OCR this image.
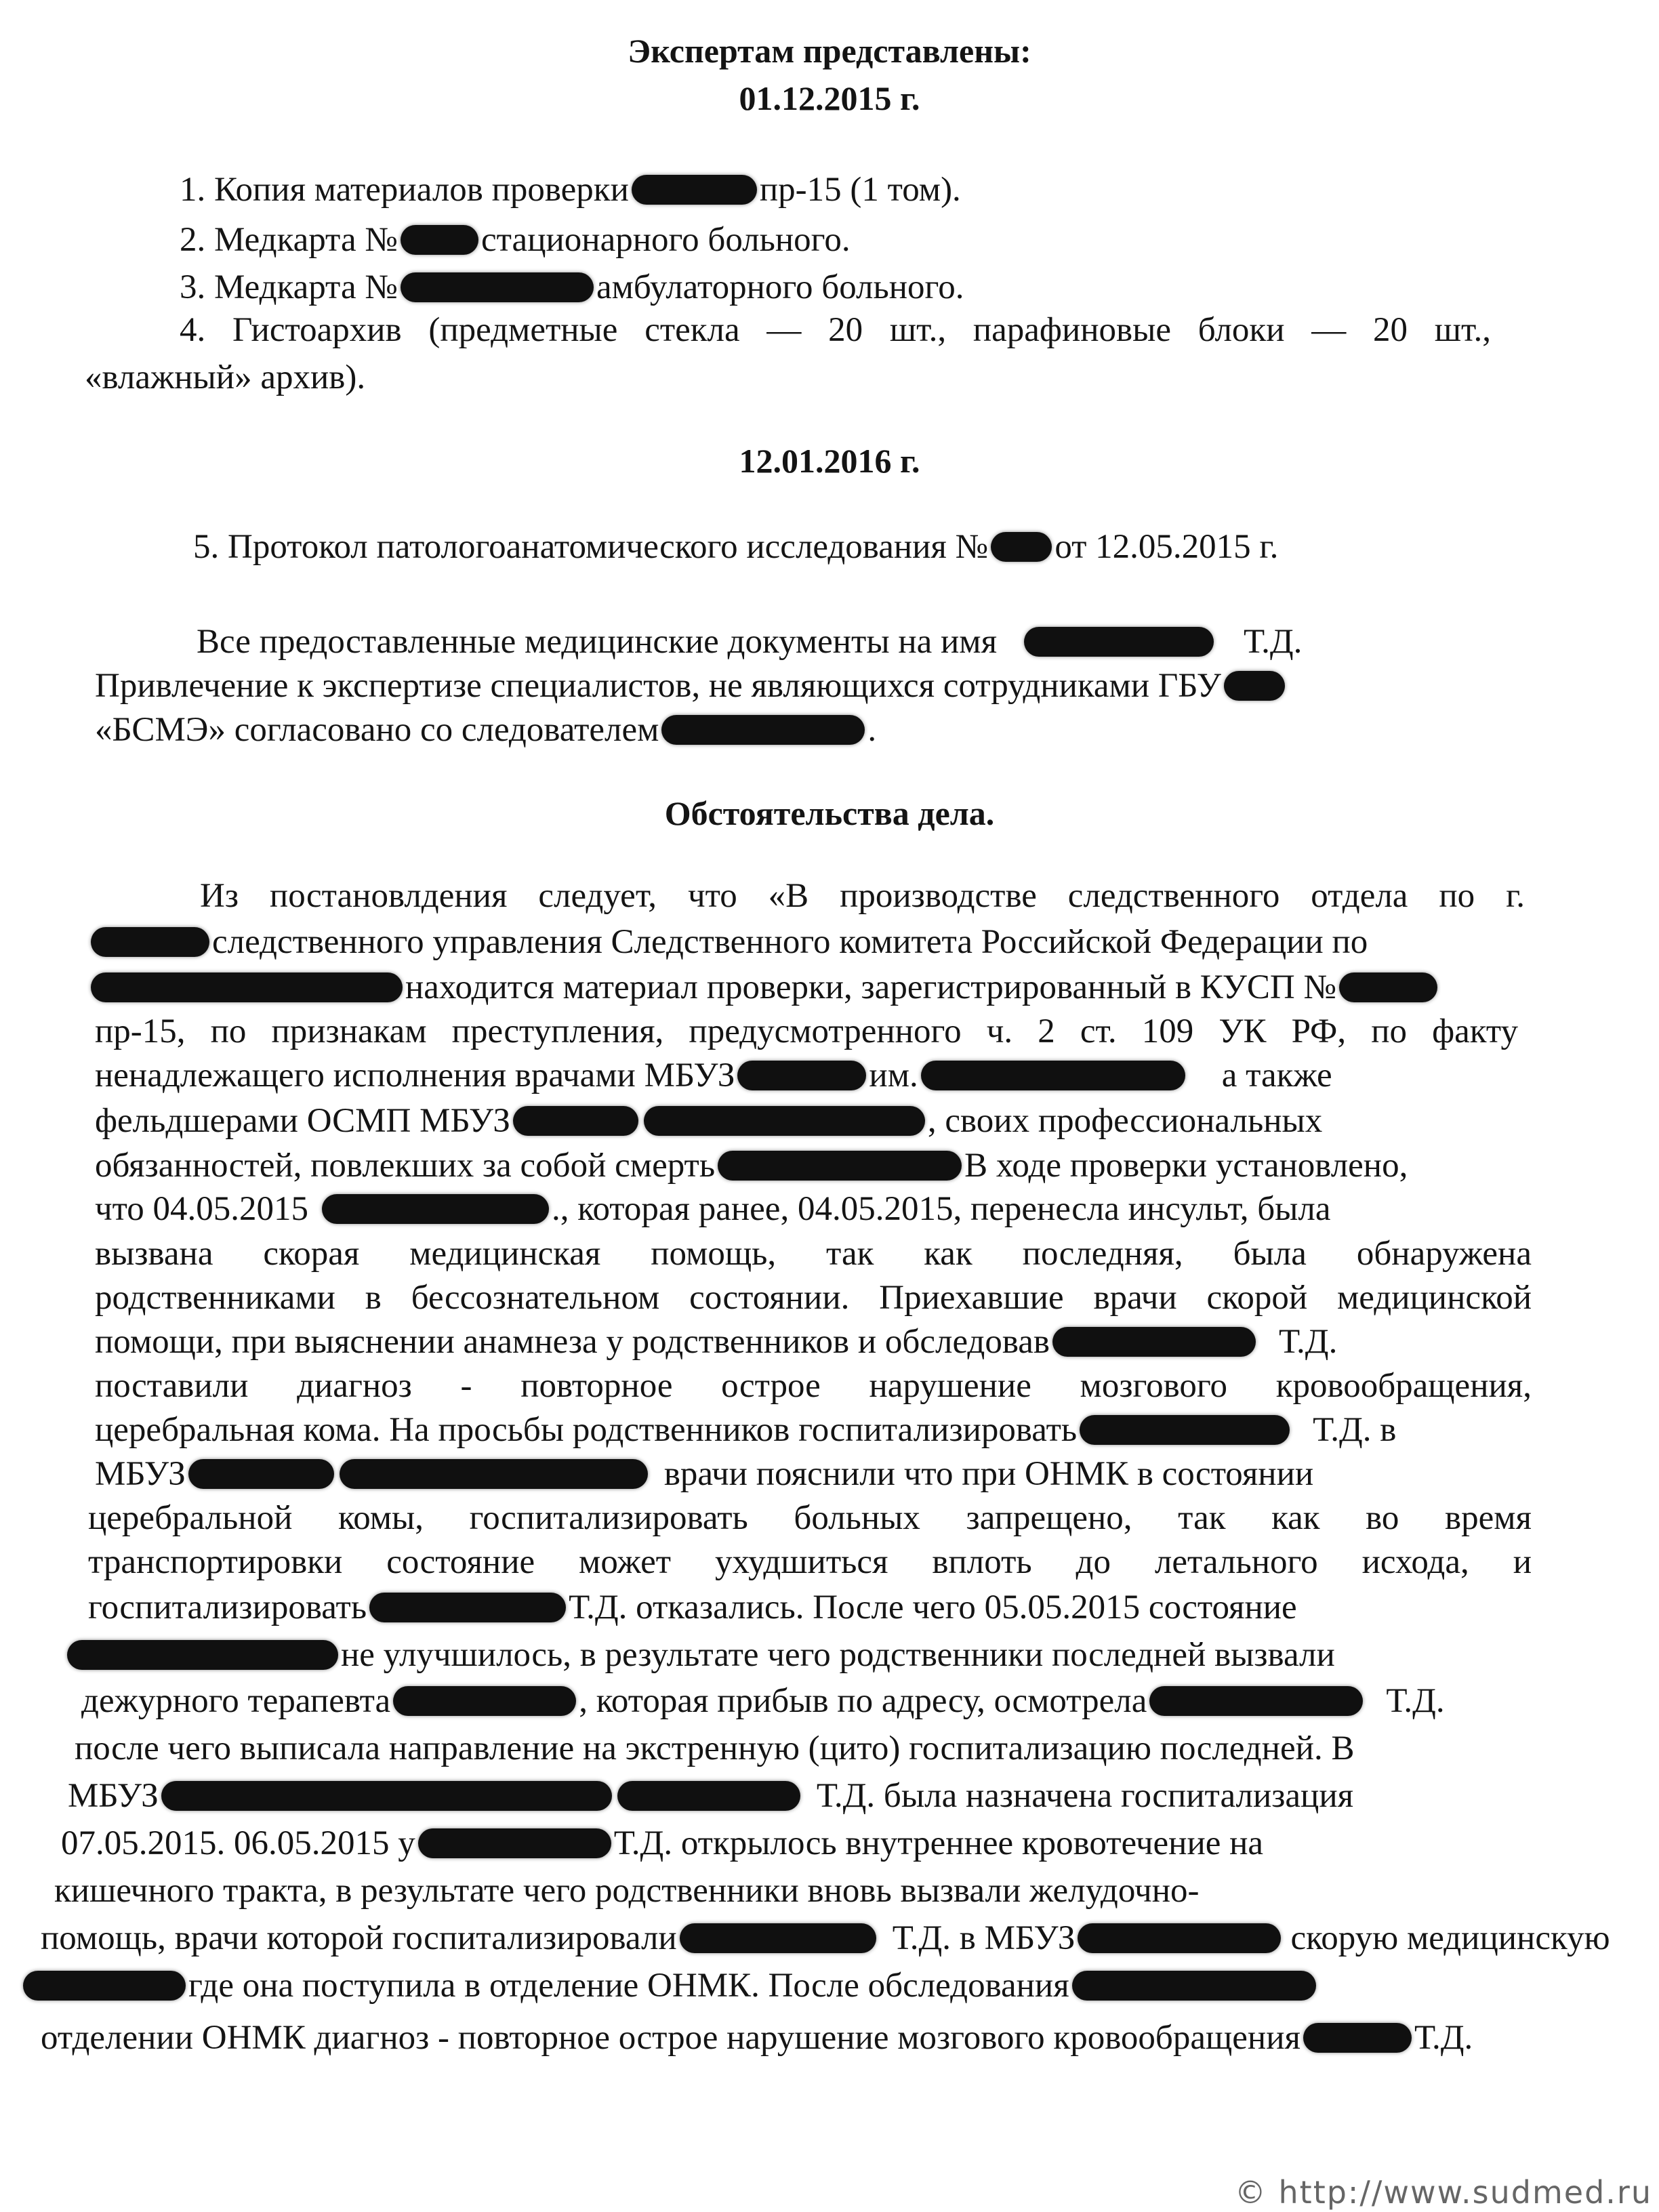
Экспертам представлены:
01.12.2015 г.
1. Копия материалов проверки	пр-15 (1 том).
2. Медкарта № стационарного больного.
3. Медкарта №	амбулаторного больного.
4. Гистоархив (предметные стекла — 20 шт., парафиновые блоки — 20 шт.,
«влажный» архив).
12.01.2016 г.
5. Протокол патологоанатомического исследования № от 12.05.2015 г.
Все предоставленные медицинские документы на имя	Т.Д.
Привлечение к экспертизе специалистов, не являющихся сотрудниками ГБУ
«БСМЭ» согласовано со следователем	.
Обстоятельства дела.
Из постановлдения следует, что «В производстве следственного отдела по г.
следственного управления Следственного комитета Российской Федерации по
находится материал проверки, зарегистрированный в КУСП №
пр-15, по признакам преступления, предусмотренного ч. 2 ст. 109 УК РФ, по факту
ненадлежащего исполнения врачами МБУЗ	им.	а также
фельдшерами ОСМП МБУЗ	, своих профессиональных
обязанностей, повлекших за собой смерть	В ходе проверки установлено,
что 04.05.2015	., которая ранее, 04.05.2015, перенесла инсульт, была
вызвана скорая медицинская помощь, так как последняя, была обнаружена
родственниками в бессознательном состоянии. Приехавшие врачи скорой медицинской
помощи, при выяснении анамнеза у родственников и обследовав	Т.Д.
поставили диагноз - повторное острое нарушение мозгового кровообращения,
церебральная кома. На просьбы родственников госпитализировать	Т.Д. в
МБУЗ	врачи пояснили что при ОНМК в состоянии
церебральной комы, госпитализировать больных запрещено, так как во время
транспортировки состояние может ухудшиться вплоть до летального исхода, и
госпитализировать	Т.Д. отказались. После чего 05.05.2015 состояние
не улучшилось, в результате чего родственники последней вызвали
дежурного терапевта	, которая прибыв по адресу, осмотрела	Т.Д.
после чего выписала направление на экстренную (цито) госпитализацию последней. В
МБУЗ	Т.Д. была назначена госпитализация
07.05.2015. 06.05.2015 у	Т.Д. открылось внутреннее кровотечение на
кишечного тракта, в результате чего родственники вновь вызвали желудочно-
помощь, врачи которой госпитализировали	Т.Д. в МБУЗ	скорую медицинскую
где она поступила в отделение ОНМК. После обследования
отделении ОНМК диагноз - повторное острое нарушение мозгового кровообращения	Т.Д.
© http://www.sudmed.ru
